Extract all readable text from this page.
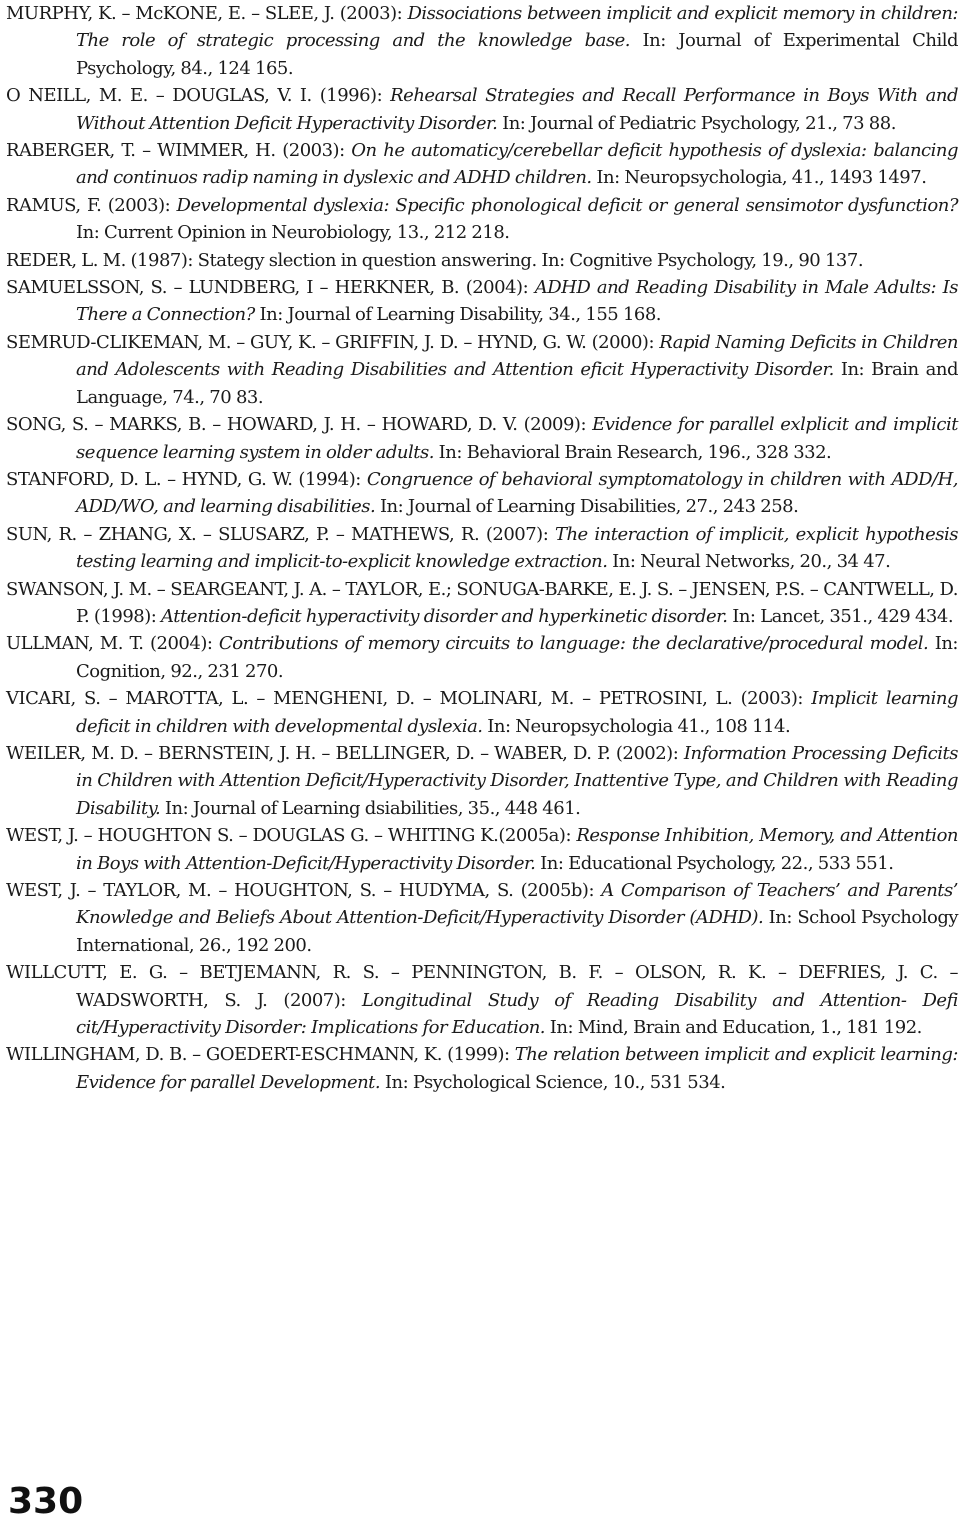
MURPHY, K. – McKONE, E. – SLEE, J. (2003): Dissociations between implicit and explicit memory in children: The role of strategic processing and the knowledge base. In: Journal of Experimental Child Psychology, 84., 124 165.
O NEILL, M. E. – DOUGLAS, V. I. (1996): Rehearsal Strategies and Recall Performance in Boys With and Without Attention Deficit Hyperactivity Disorder. In: Journal of Pediatric Psychology, 21., 73 88.
RABERGER, T. – WIMMER, H. (2003): On he automaticy/cerebellar deficit hypothesis of dyslexia: balancing and continuos radip naming in dyslexic and ADHD children. In: Neuropsychologia, 41., 1493 1497.
RAMUS, F. (2003): Developmental dyslexia: Specific phonological deficit or general sensimotor dysfunction? In: Current Opinion in Neurobiology, 13., 212 218.
REDER, L. M. (1987): Stategy slection in question answering. In: Cognitive Psychology, 19., 90 137.
SAMUELSSON, S. – LUNDBERG, I – HERKNER, B. (2004): ADHD and Reading Disability in Male Adults: Is There a Connection? In: Journal of Learning Disability, 34., 155 168.
SEMRUD-CLIKEMAN, M. – GUY, K. – GRIFFIN, J. D. – HYND, G. W. (2000): Rapid Naming Deficits in Children and Adolescents with Reading Disabilities and Attention eficit Hyperactivity Disorder. In: Brain and Language, 74., 70 83.
SONG, S. – MARKS, B. – HOWARD, J. H. – HOWARD, D. V. (2009): Evidence for parallel exlplicit and implicit sequence learning system in older adults. In: Behavioral Brain Research, 196., 328 332.
STANFORD, D. L. – HYND, G. W. (1994): Congruence of behavioral symptomatology in children with ADD/H, ADD/WO, and learning disabilities. In: Journal of Learning Disabilities, 27., 243 258.
SUN, R. – ZHANG, X. – SLUSARZ, P. – MATHEWS, R. (2007): The interaction of implicit, explicit hypothesis testing learning and implicit-to-explicit knowledge extraction. In: Neural Networks, 20., 34 47.
SWANSON, J. M. – SEARGEANT, J. A. – TAYLOR, E.; SONUGA-BARKE, E. J. S. – JENSEN, P.S. – CANTWELL, D. P. (1998): Attention-deficit hyperactivity disorder and hyperkinetic disorder. In: Lancet, 351., 429 434.
ULLMAN, M. T. (2004): Contributions of memory circuits to language: the declarative/procedural model. In: Cognition, 92., 231 270.
VICARI, S. – MAROTTA, L. – MENGHENI, D. – MOLINARI, M. – PETROSINI, L. (2003): Implicit learning deficit in children with developmental dyslexia. In: Neuropsychologia 41., 108 114.
WEILER, M. D. – BERNSTEIN, J. H. – BELLINGER, D. – WABER, D. P. (2002): Information Processing Deficits in Children with Attention Deficit/Hyperactivity Disorder, Inattentive Type, and Children with Reading Disability. In: Journal of Learning dsiabilities, 35., 448 461.
WEST, J. – HOUGHTON S. – DOUGLAS G. – WHITING K.(2005a): Response Inhibition, Memory, and Attention in Boys with Attention-Deficit/Hyperactivity Disorder. In: Educational Psychology, 22., 533 551.
WEST, J. – TAYLOR, M. – HOUGHTON, S. – HUDYMA, S. (2005b): A Comparison of Teachers’ and Parents’ Knowledge and Beliefs About Attention-Deficit/Hyperactivity Disorder (ADHD). In: School Psychology International, 26., 192 200.
WILLCUTT, E. G. – BETJEMANN, R. S. – PENNINGTON, B. F. – OLSON, R. K. – DEFRIES, J. C. – WADSWORTH, S. J. (2007): Longitudinal Study of Reading Disability and Attention- Defi cit/Hyperactivity Disorder: Implications for Education. In: Mind, Brain and Education, 1., 181 192.
WILLINGHAM, D. B. – GOEDERT-ESCHMANN, K. (1999): The relation between implicit and explicit learning: Evidence for parallel Development. In: Psychological Science, 10., 531 534.
330
